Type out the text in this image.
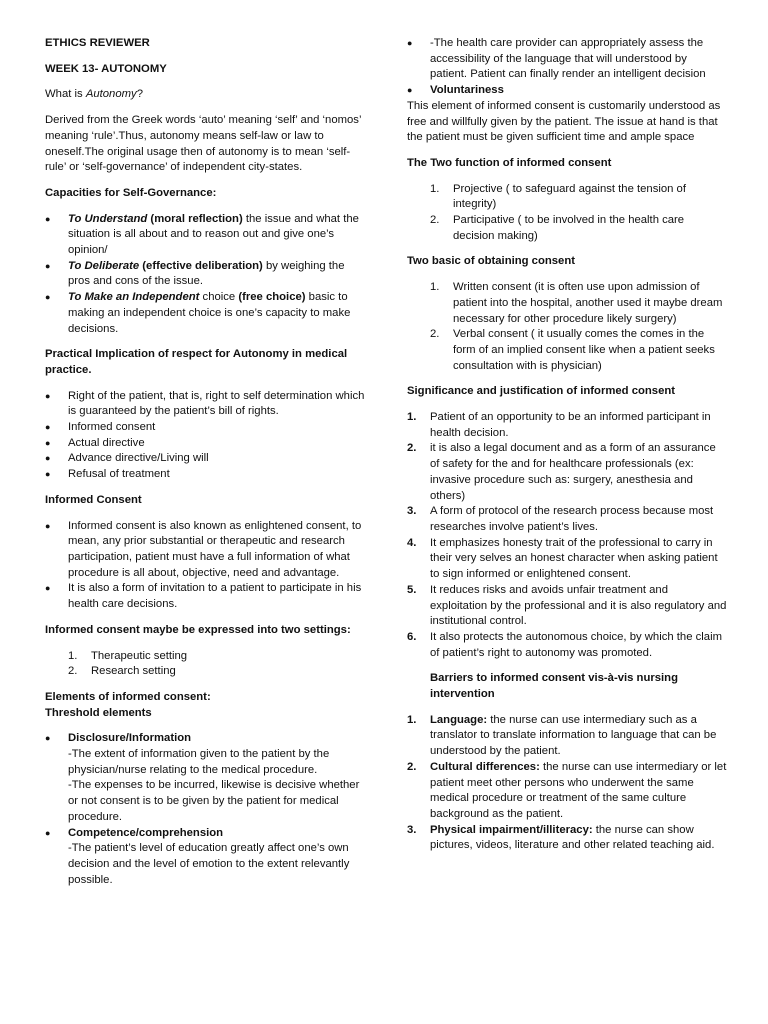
ETHICS REVIEWER

WEEK 13- AUTONOMY

What is Autonomy?

Derived from the Greek words ‘auto’ meaning ‘self’ and ‘nomos’ meaning ‘rule’.Thus, autonomy means self-law or law to oneself.The original usage then of autonomy is to mean ‘self-rule’ or ‘self-governance’ of independent city-states.

Capacities for Self-Governance:

● To Understand (moral reflection) the issue and what the situation is all about and to reason out and give one’s opinion/
● To Deliberate (effective deliberation) by weighing the pros and cons of the issue.
● To Make an Independent choice (free choice) basic to making an independent choice is one’s capacity to make decisions.

Practical Implication of respect for Autonomy in medical practice.

● Right of the patient, that is, right to self determination which is guaranteed by the patient’s bill of rights.
● Informed consent
● Actual directive
● Advance directive/Living will
● Refusal of treatment

Informed Consent

● Informed consent is also known as enlightened consent, to mean, any prior substantial or therapeutic and research participation, patient must have a full information of what procedure is all about, objective, need and advantage.
● It is also a form of invitation to a patient to participate in his health care decisions.

Informed consent maybe be expressed into two settings:

1. Therapeutic setting
2. Research setting
Elements of informed consent:
Threshold elements
● Disclosure/Information
-The extent of information given to the patient by the physician/nurse relating to the medical procedure.
-The expenses to be incurred, likewise is decisive whether or not consent is to be given by the patient for medical procedure.
● Competence/comprehension
-The patient’s level of education greatly affect one’s own decision and the level of emotion to the extent relevantly possible.
● -The health care provider can appropriately assess the accessibility of the language that will understood by patient. Patient can finally render an intelligent decision
● Voluntariness

This element of informed consent is customarily understood as free and willfully given by the patient. The issue at hand is that the patient must be given sufficient time and ample space

The Two function of informed consent

1. Projective ( to safeguard against the tension of integrity)
2. Participative ( to be involved in the health care decision making)

Two basic of obtaining consent

1. Written consent (it is often use upon admission of patient into the hospital, another used it maybe dream necessary for other procedure likely surgery)
2. Verbal consent ( it usually comes the comes in the form of an implied consent like when a patient seeks consultation with is physician)

Significance and justification of informed consent

1. Patient of an opportunity to be an informed participant in health decision.
2. it is also a legal document and as a form of an assurance of safety for the and for healthcare professionals (ex: invasive procedure such as: surgery, anesthesia and others)
3. A form of protocol of the research process because most researches involve patient’s lives.
4. It emphasizes honesty trait of the professional to carry in their very selves an honest character when asking patient to sign informed or enlightened consent.
5. It reduces risks and avoids unfair treatment and exploitation by the professional and it is also regulatory and institutional control.
6. It also protects the autonomous choice, by which the claim of patient’s right to autonomy was promoted.

Barriers to informed consent vis-à-vis nursing intervention

1. Language: the nurse can use intermediary such as a translator to translate information to language that can be understood by the patient.
2. Cultural differences: the nurse can use intermediary or let patient meet other persons who underwent the same medical procedure or treatment of the same culture background as the patient.
3. Physical impairment/illiteracy: the nurse can show pictures, videos, literature and other related teaching aid.
